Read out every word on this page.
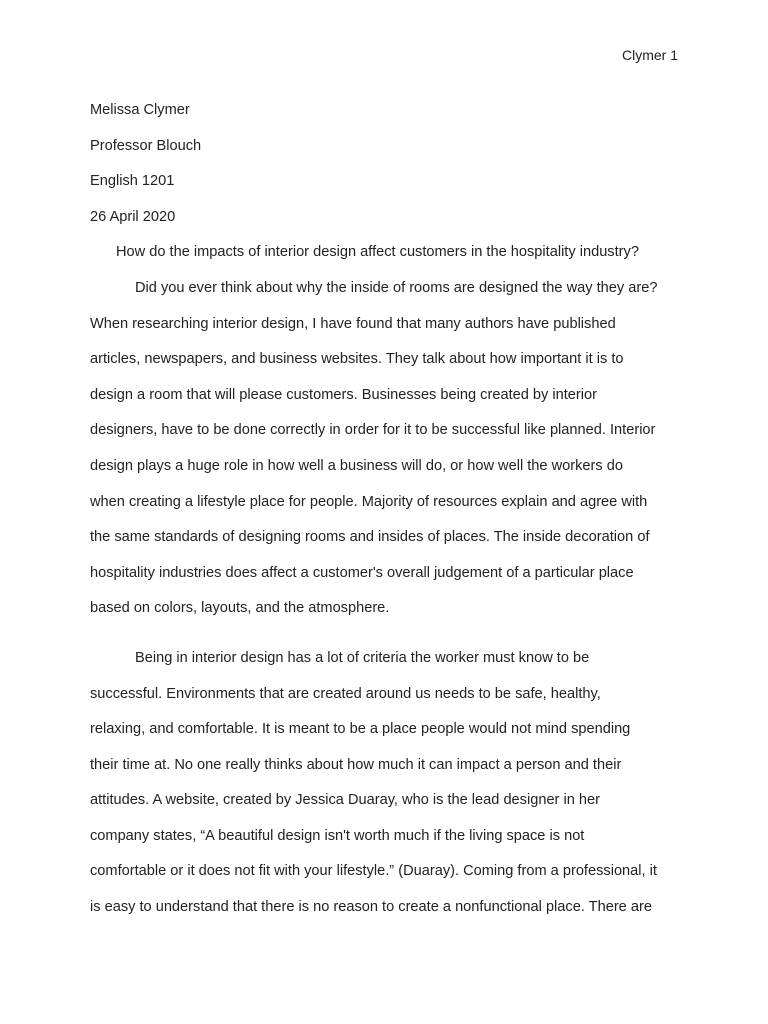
Clymer 1
Melissa Clymer
Professor Blouch
English 1201
26 April 2020
How do the impacts of interior design affect customers in the hospitality industry?
Did you ever think about why the inside of rooms are designed the way they are?
When researching interior design, I have found that many authors have published
articles, newspapers, and business websites. They talk about how important it is to
design a room that will please customers. Businesses being created by interior
designers, have to be done correctly in order for it to be successful like planned. Interior
design plays a huge role in how well a business will do, or how well the workers do
when creating a lifestyle place for people. Majority of resources explain and agree with
the same standards of designing rooms and insides of places. The inside decoration of
hospitality industries does affect a customer's overall judgement of a particular place
based on colors, layouts, and the atmosphere.
Being in interior design has a lot of criteria the worker must know to be
successful. Environments that are created around us needs to be safe, healthy,
relaxing, and comfortable. It is meant to be a place people would not mind spending
their time at. No one really thinks about how much it can impact a person and their
attitudes. A website, created by Jessica Duaray, who is the lead designer in her
company states, “A beautiful design isn't worth much if the living space is not
comfortable or it does not fit with your lifestyle.” (Duaray). Coming from a professional, it
is easy to understand that there is no reason to create a nonfunctional place. There are
